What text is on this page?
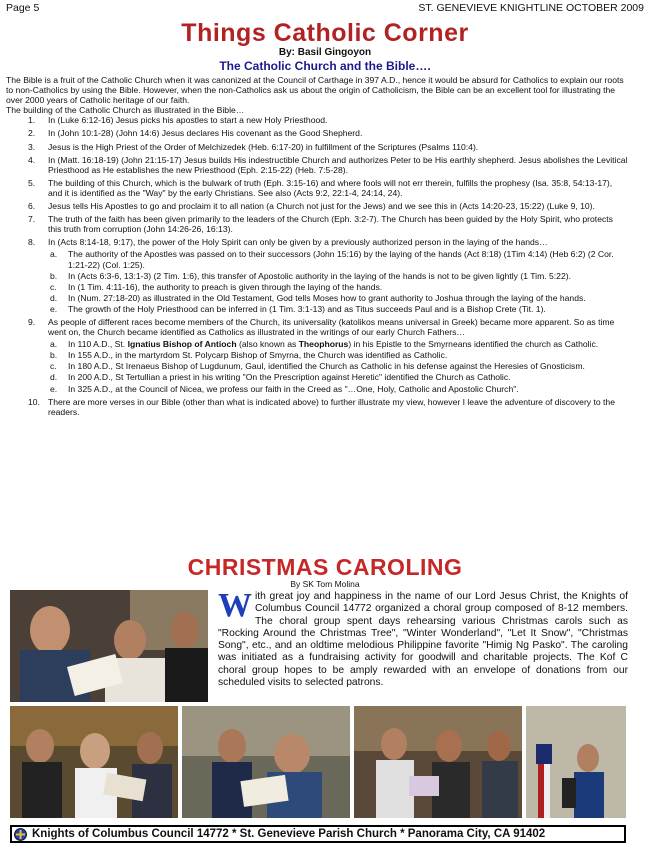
Page 5	ST. GENEVIEVE KNIGHTLINE OCTOBER 2009
Things Catholic Corner
By: Basil Gingoyon
The Catholic Church and the Bible….

The Bible is a fruit of the Catholic Church when it was canonized at the Council of Carthage in 397 A.D., hence it would be absurd for Catholics to explain our roots to non-Catholics by using the Bible. However, when the non-Catholics ask us about the origin of Catholicism, the Bible can be an excellent tool for illustrating the over 2000 years of Catholic heritage of our faith.

The building of the Catholic Church as illustrated in the Bible…

1. In (Luke 6:12-16) Jesus picks his apostles to start a new Holy Priesthood.
2. In (John 10:1-28) (John 14:6) Jesus declares His covenant as the Good Shepherd.
3. Jesus is the High Priest of the Order of Melchizedek (Heb. 6:17-20) in fulfillment of the Scriptures (Psalms 110:4).
4. In (Matt. 16:18-19) (John 21:15-17) Jesus builds His indestructible Church and authorizes Peter to be His earthly shepherd. Jesus abolishes the Levitical Priesthood as He establishes the new Priesthood (Eph. 2:15-22) (Heb. 7:5-28).
5. The building of this Church, which is the bulwark of truth (Eph. 3:15-16) and where fools will not err therein, fulfills the prophesy (Isa. 35:8, 54:13-17), and it is identified as the "Way" by the early Christians. See also (Acts 9:2, 22:1-4, 24:14, 24).
6. Jesus tells His Apostles to go and proclaim it to all nation (a Church not just for the Jews) and we see this in (Acts 14:20-23, 15:22) (Luke 9, 10).
7. The truth of the faith has been given primarily to the leaders of the Church (Eph. 3:2-7). The Church has been guided by the Holy Spirit, who protects this truth from corruption (John 14:26-26, 16:13).
8. In (Acts 8:14-18, 9:17), the power of the Holy Spirit can only be given by a previously authorized person in the laying of the hands…
a. The authority of the Apostles was passed on to their successors (John 15:16) by the laying of the hands (Act 8:18) (1Tim 4:14) (Heb 6:2) (2 Cor. 1:21-22) (Col. 1:25).
b. In (Acts 6:3-6, 13:1-3) (2 Tim. 1:6), this transfer of Apostolic authority in the laying of the hands is not to be given lightly (1 Tim. 5:22).
c. In (1 Tim. 4:11-16), the authority to preach is given through the laying of the hands.
d. In (Num. 27:18-20) as illustrated in the Old Testament, God tells Moses how to grant authority to Joshua through the laying of the hands.
e. The growth of the Holy Priesthood can be inferred in (1 Tim. 3:1-13) and as Titus succeeds Paul and is a Bishop Crete (Tit. 1).
9. As people of different races become members of the Church, its universality (katolikos means universal in Greek) became more apparent. So as time went on, the Church became identified as Catholics as illustrated in the writings of our early Church Fathers…
a. In 110 A.D., St. Ignatius Bishop of Antioch (also known as Theophorus) in his Epistle to the Smyrneans identified the church as Catholic.
b. In 155 A.D., in the martyrdom St. Polycarp Bishop of Smyrna, the Church was identified as Catholic.
c. In 180 A.D., St Irenaeus Bishop of Lugdunum, Gaul, identified the Church as Catholic in his defense against the Heresies of Gnosticism.
d. In 200 A.D., St Tertullian a priest in his writing "On the Prescription against Heretic" identified the Church as Catholic.
e. In 325 A.D., at the Council of Nicea, we profess our faith in the Creed as "…One, Holy, Catholic and Apostolic Church".
10. There are more verses in our Bible (other than what is indicated above) to further illustrate my view, however I leave the adventure of discovery to the readers.
CHRISTMAS CAROLING
By SK Tom Molina
With great joy and happiness in the name of our Lord Jesus Christ, the Knights of Columbus Council 14772 organized a choral group composed of 8-12 members. The choral group spent days rehearsing various Christmas carols such as "Rocking Around the Christmas Tree", "Winter Wonderland", "Let It Snow", "Christmas Song", etc., and an oldtime melodious Philippine favorite "Himig Ng Pasko". The caroling was initiated as a fundraising activity for goodwill and charitable projects. The Kof C choral group hopes to be amply rewarded with an envelope of donations from our scheduled visits to selected patrons.
Knights of Columbus Council 14772 * St. Genevieve Parish Church * Panorama City, CA 91402
